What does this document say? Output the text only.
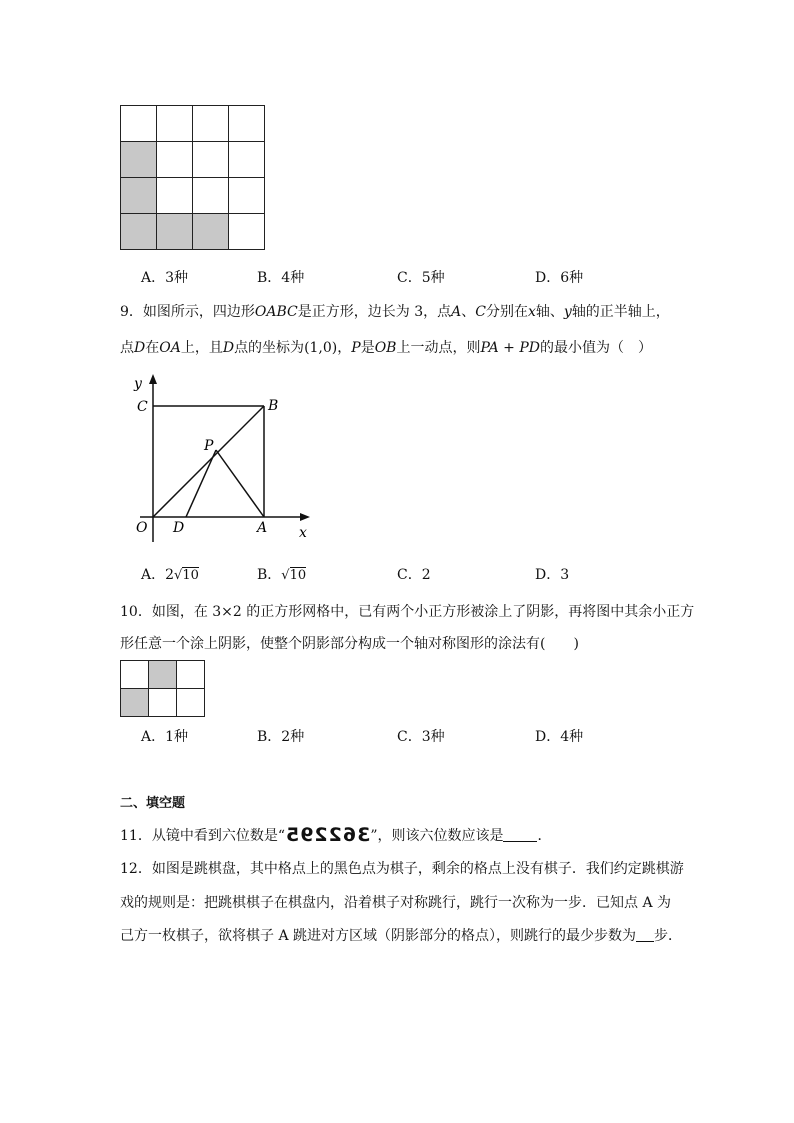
A．3种	B．4种	C．5种	D．6种
9．如图所示，四边形OABC是正方形，边长为 3，点A、C分别在x轴、y轴的正半轴上，
点D在OA上，且D点的坐标为(1,0)，P是OB上一动点，则PA + PD的最小值为（　）
y
C	B
P
O D	A x
A．2√10	B．√10	C．2	D．3
10．如图，在 3×2 的正方形网格中，已有两个小正方形被涂上了阴影，再将图中其余小正方
形任意一个涂上阴影，使整个阴影部分构成一个轴对称图形的涂法有(　　)
A．1种	B．2种	C．3种	D．4种
二、填空题
11．从镜中看到六位数是“362295”，则该六位数应该是 ．
12．如图是跳棋盘，其中格点上的黑色点为棋子，剩余的格点上没有棋子．我们约定跳棋游
戏的规则是：把跳棋棋子在棋盘内，沿着棋子对称跳行，跳行一次称为一步．已知点 A 为
己方一枚棋子，欲将棋子 A 跳进对方区域（阴影部分的格点），则跳行的最少步数为 步．
